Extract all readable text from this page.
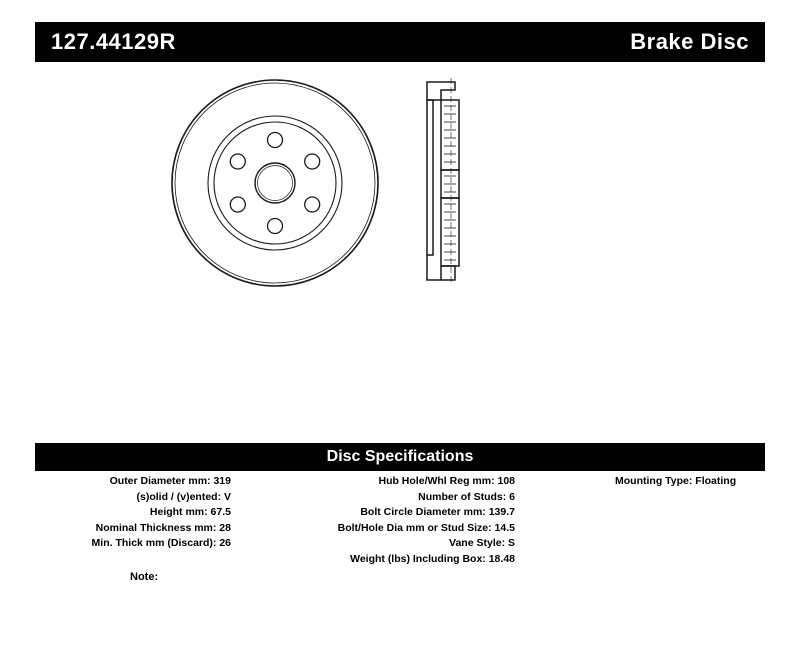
127.44129R	Brake Disc
Disc Specifications
Outer Diameter mm: 319
(s)olid / (v)ented: V
Height mm: 67.5
Nominal Thickness mm: 28
Min. Thick mm (Discard): 26
Hub Hole/Whl Reg mm: 108
Number of Studs: 6
Bolt Circle Diameter mm: 139.7
Bolt/Hole Dia mm or Stud Size: 14.5
Vane Style: S
Weight (lbs) Including Box: 18.48
Mounting Type: Floating
Note:
